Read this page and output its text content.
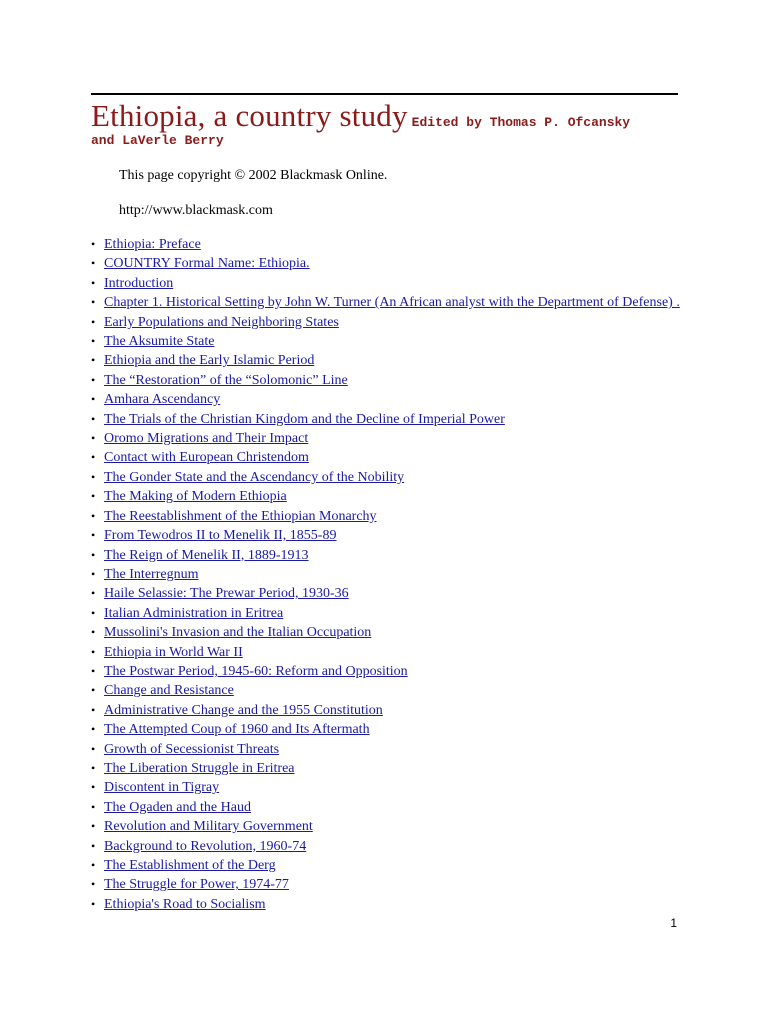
Ethiopia, a country study Edited by Thomas P. Ofcansky
and LaVerle Berry
This page copyright © 2002 Blackmask Online.
http://www.blackmask.com
• Ethiopia: Preface
• COUNTRY Formal Name: Ethiopia.
• Introduction
• Chapter 1. Historical Setting by John W. Turner (An African analyst with the Department of Defense) .
• Early Populations and Neighboring States
• The Aksumite State
• Ethiopia and the Early Islamic Period
• The “Restoration” of the “Solomonic” Line
• Amhara Ascendancy
• The Trials of the Christian Kingdom and the Decline of Imperial Power
• Oromo Migrations and Their Impact
• Contact with European Christendom
• The Gonder State and the Ascendancy of the Nobility
• The Making of Modern Ethiopia
• The Reestablishment of the Ethiopian Monarchy
• From Tewodros II to Menelik II, 1855-89
• The Reign of Menelik II, 1889-1913
• The Interregnum
• Haile Selassie: The Prewar Period, 1930-36
• Italian Administration in Eritrea
• Mussolini's Invasion and the Italian Occupation
• Ethiopia in World War II
• The Postwar Period, 1945-60: Reform and Opposition
• Change and Resistance
• Administrative Change and the 1955 Constitution
• The Attempted Coup of 1960 and Its Aftermath
• Growth of Secessionist Threats
• The Liberation Struggle in Eritrea
• Discontent in Tigray
• The Ogaden and the Haud
• Revolution and Military Government
• Background to Revolution, 1960-74
• The Establishment of the Derg
• The Struggle for Power, 1974-77
• Ethiopia's Road to Socialism
1
